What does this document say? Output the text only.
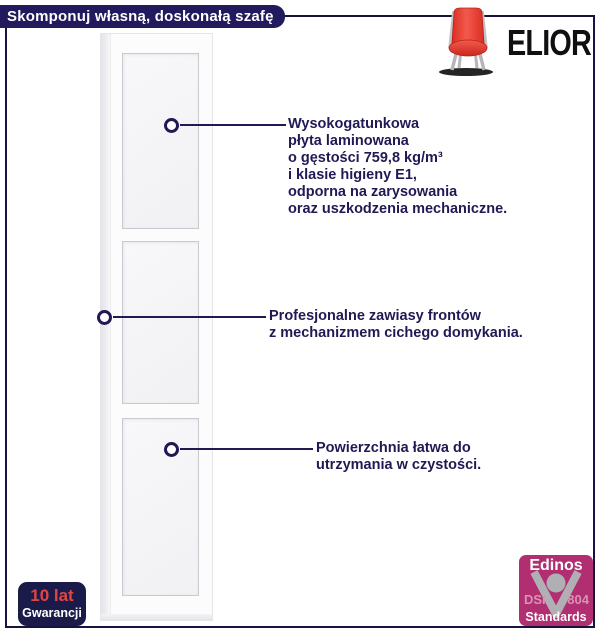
Skomponuj własną, doskonałą szafę
ELIOR
Wysokogatunkowa
płyta laminowana
o gęstości 759,8 kg/m³
i klasie higieny E1,
odporna na zarysowania
oraz uszkodzenia mechaniczne.
Profesjonalne zawiasy frontów
z mechanizmem cichego domykania.
Powierzchnia łatwa do
utrzymania w czystości.
10 lat
Gwarancji
Edinos
DSI 804
Standards
